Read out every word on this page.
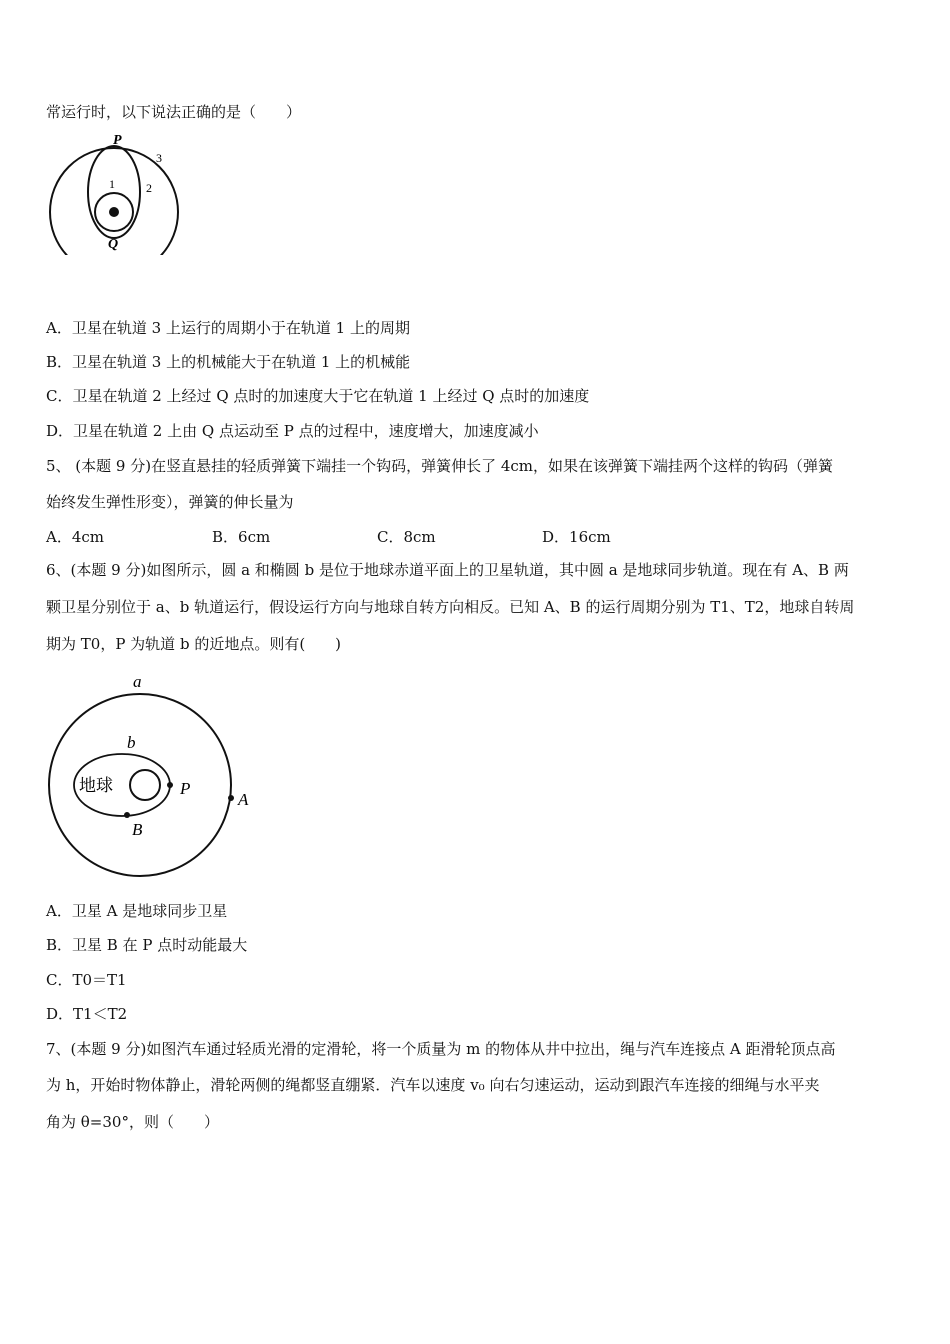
常运行时，以下说法正确的是（　　）
P
Q
1	2
3
A．卫星在轨道 3 上运行的周期小于在轨道 1 上的周期
B．卫星在轨道 3 上的机械能大于在轨道 1 上的机械能
C．卫星在轨道 2 上经过 Q 点时的加速度大于它在轨道 1 上经过 Q 点时的加速度
D．卫星在轨道 2 上由 Q 点运动至 P 点的过程中，速度增大，加速度减小
5、 (本题 9 分)在竖直悬挂的轻质弹簧下端挂一个钩码，弹簧伸长了 4cm，如果在该弹簧下端挂两个这样的钩码（弹簧
始终发生弹性形变），弹簧的伸长量为
A．4cm	B．6cm	C．8cm	D．16cm
6、(本题 9 分)如图所示，圆 a 和椭圆 b 是位于地球赤道平面上的卫星轨道，其中圆 a 是地球同步轨道。现在有 A、B 两
颗卫星分别位于 a、b 轨道运行，假设运行方向与地球自转方向相反。已知 A、B 的运行周期分别为 T1、T2，地球自转周
期为 T0，P 为轨道 b 的近地点。则有(　　)
a
b
地球	P
A
B
A．卫星 A 是地球同步卫星
B．卫星 B 在 P 点时动能最大
C．T0＝T1
D．T1＜T2
7、(本题 9 分)如图汽车通过轻质光滑的定滑轮，将一个质量为 m 的物体从井中拉出，绳与汽车连接点 A 距滑轮顶点高
为 h，开始时物体静止，滑轮两侧的绳都竖直绷紧．汽车以速度 v₀ 向右匀速运动，运动到跟汽车连接的细绳与水平夹
角为 θ=30°，则（　　）
